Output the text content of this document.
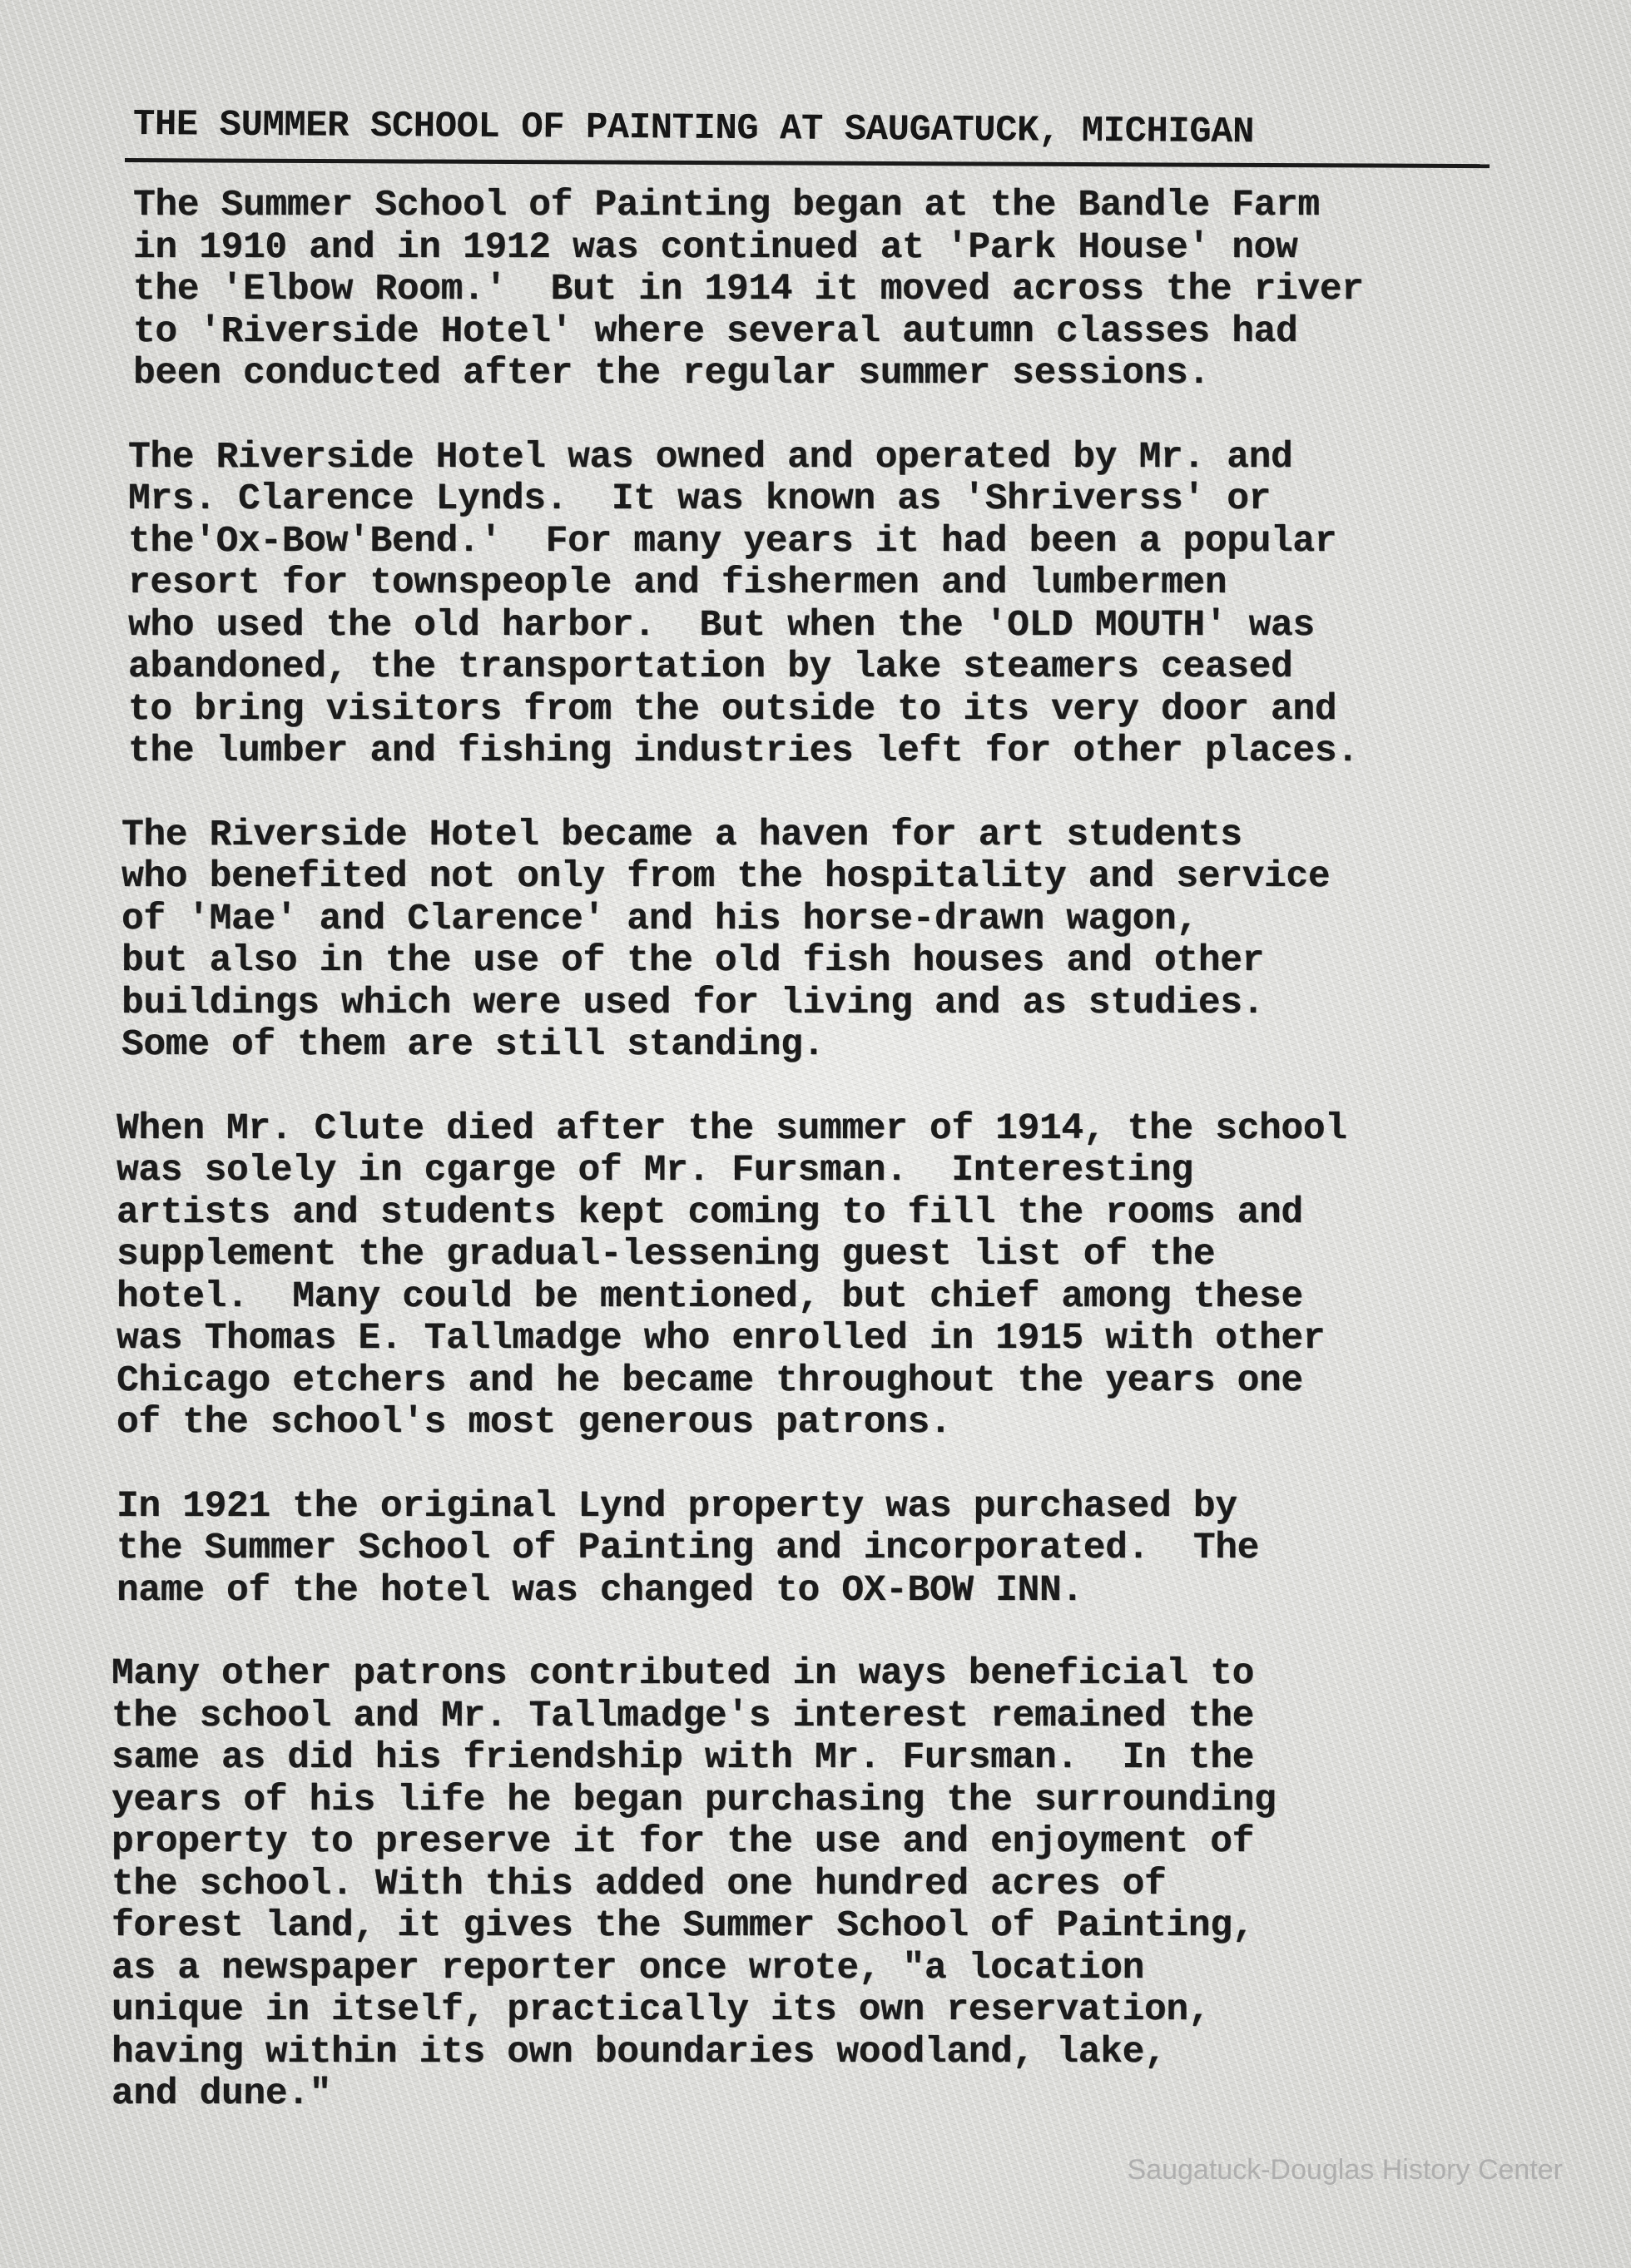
THE SUMMER SCHOOL OF PAINTING AT SAUGATUCK, MICHIGAN

The Summer School of Painting began at the Bandle Farm
in 1910 and in 1912 was continued at 'Park House' now
the 'Elbow Room.'  But in 1914 it moved across the river
to 'Riverside Hotel' where several autumn classes had
been conducted after the regular summer sessions.

The Riverside Hotel was owned and operated by Mr. and
Mrs. Clarence Lynds.  It was known as 'Shriverss' or
the'Ox-Bow'Bend.'  For many years it had been a popular
resort for townspeople and fishermen and lumbermen
who used the old harbor.  But when the 'OLD MOUTH' was
abandoned, the transportation by lake steamers ceased
to bring visitors from the outside to its very door and
the lumber and fishing industries left for other places.

The Riverside Hotel became a haven for art students
who benefited not only from the hospitality and service
of 'Mae' and Clarence' and his horse-drawn wagon,
but also in the use of the old fish houses and other
buildings which were used for living and as studies.
Some of them are still standing.

When Mr. Clute died after the summer of 1914, the school
was solely in cgarge of Mr. Fursman.  Interesting
artists and students kept coming to fill the rooms and
supplement the gradual-lessening guest list of the
hotel.  Many could be mentioned, but chief among these
was Thomas E. Tallmadge who enrolled in 1915 with other
Chicago etchers and he became throughout the years one
of the school's most generous patrons.

In 1921 the original Lynd property was purchased by
the Summer School of Painting and incorporated.  The
name of the hotel was changed to OX-BOW INN.

Many other patrons contributed in ways beneficial to
the school and Mr. Tallmadge's interest remained the
same as did his friendship with Mr. Fursman.  In the
years of his life he began purchasing the surrounding
property to preserve it for the use and enjoyment of
the school. With this added one hundred acres of
forest land, it gives the Summer School of Painting,
as a newspaper reporter once wrote, "a location
unique in itself, practically its own reservation,
having within its own boundaries woodland, lake,
and dune."

Saugatuck-Douglas History Center
